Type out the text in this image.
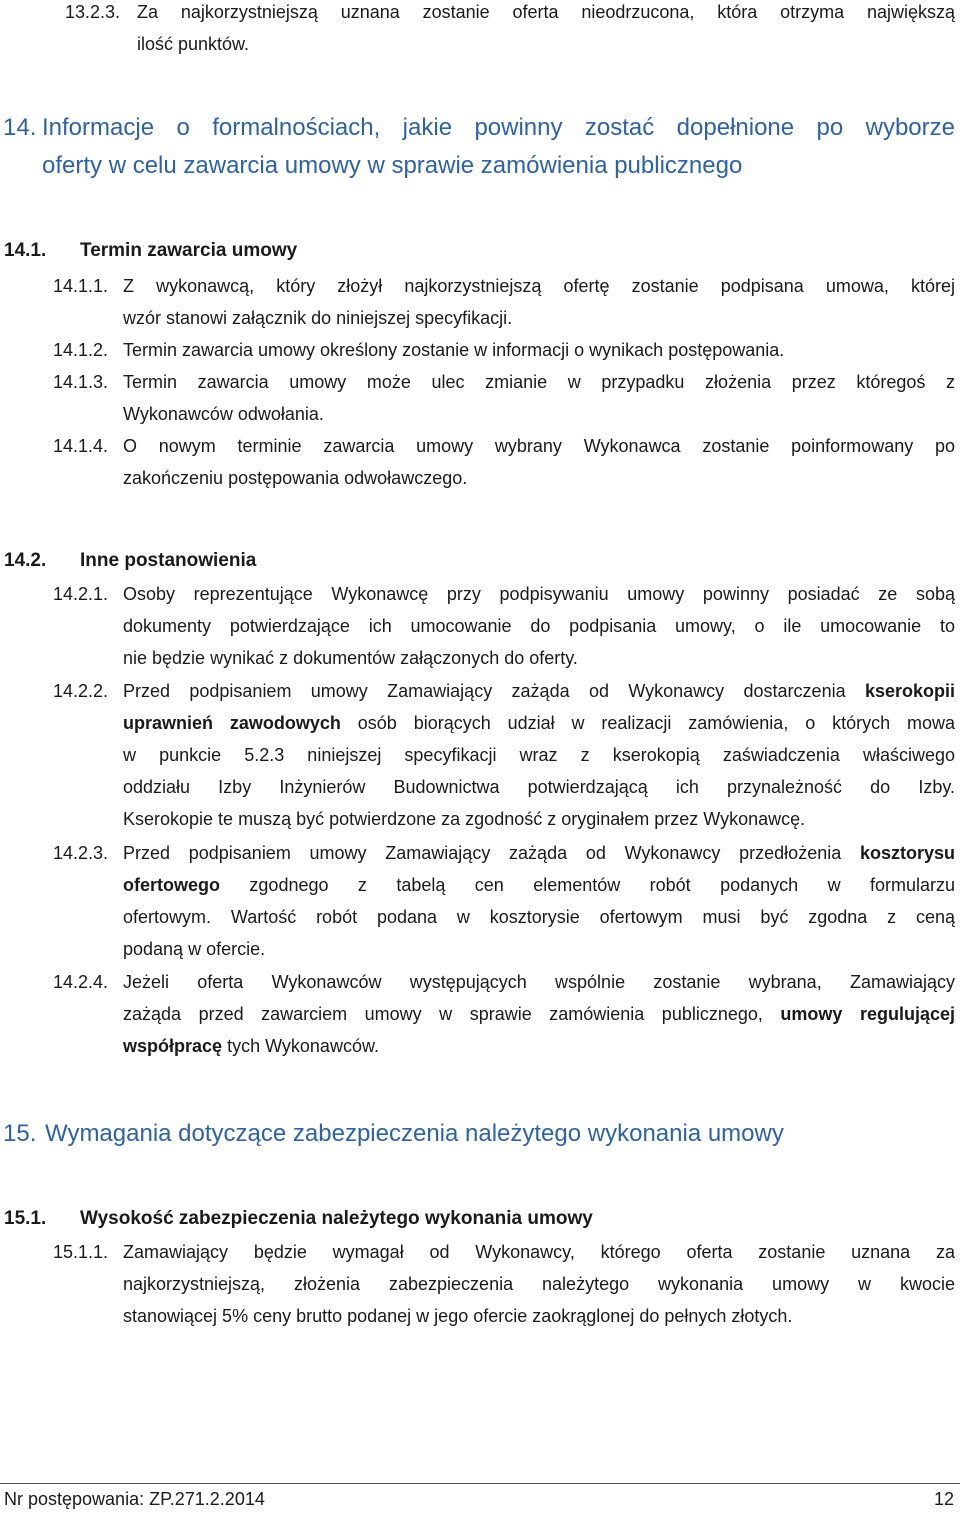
13.2.3. Za najkorzystniejszą uznana zostanie oferta nieodrzucona, która otrzyma największą
ilość punktów.
14. Informacje o formalnościach, jakie powinny zostać dopełnione po wyborze
oferty w celu zawarcia umowy w sprawie zamówienia publicznego
14.1. Termin zawarcia umowy
14.1.1. Z wykonawcą, który złożył najkorzystniejszą ofertę zostanie podpisana umowa, której
wzór stanowi załącznik do niniejszej specyfikacji.
14.1.2. Termin zawarcia umowy określony zostanie w informacji o wynikach postępowania.
14.1.3. Termin zawarcia umowy może ulec zmianie w przypadku złożenia przez któregoś z
Wykonawców odwołania.
14.1.4. O nowym terminie zawarcia umowy wybrany Wykonawca zostanie poinformowany po
zakończeniu postępowania odwoławczego.
14.2. Inne postanowienia
14.2.1. Osoby reprezentujące Wykonawcę przy podpisywaniu umowy powinny posiadać ze sobą
dokumenty potwierdzające ich umocowanie do podpisania umowy, o ile umocowanie to
nie będzie wynikać z dokumentów załączonych do oferty.
14.2.2. Przed podpisaniem umowy Zamawiający zażąda od Wykonawcy dostarczenia kserokopii
uprawnień zawodowych osób biorących udział w realizacji zamówienia, o których mowa
w punkcie 5.2.3 niniejszej specyfikacji wraz z kserokopią zaświadczenia właściwego
oddziału Izby Inżynierów Budownictwa potwierdzającą ich przynależność do Izby.
Kserokopie te muszą być potwierdzone za zgodność z oryginałem przez Wykonawcę.
14.2.3. Przed podpisaniem umowy Zamawiający zażąda od Wykonawcy przedłożenia kosztorysu
ofertowego zgodnego z tabelą cen elementów robót podanych w formularzu
ofertowym. Wartość robót podana w kosztorysie ofertowym musi być zgodna z ceną
podaną w ofercie.
14.2.4. Jeżeli oferta Wykonawców występujących wspólnie zostanie wybrana, Zamawiający
zażąda przed zawarciem umowy w sprawie zamówienia publicznego, umowy regulującej
współpracę tych Wykonawców.
15. Wymagania dotyczące zabezpieczenia należytego wykonania umowy
15.1. Wysokość zabezpieczenia należytego wykonania umowy
15.1.1. Zamawiający będzie wymagał od Wykonawcy, którego oferta zostanie uznana za
najkorzystniejszą, złożenia zabezpieczenia należytego wykonania umowy w kwocie
stanowiącej 5% ceny brutto podanej w jego ofercie zaokrąglonej do pełnych złotych.
Nr postępowania: ZP.271.2.2014	12
